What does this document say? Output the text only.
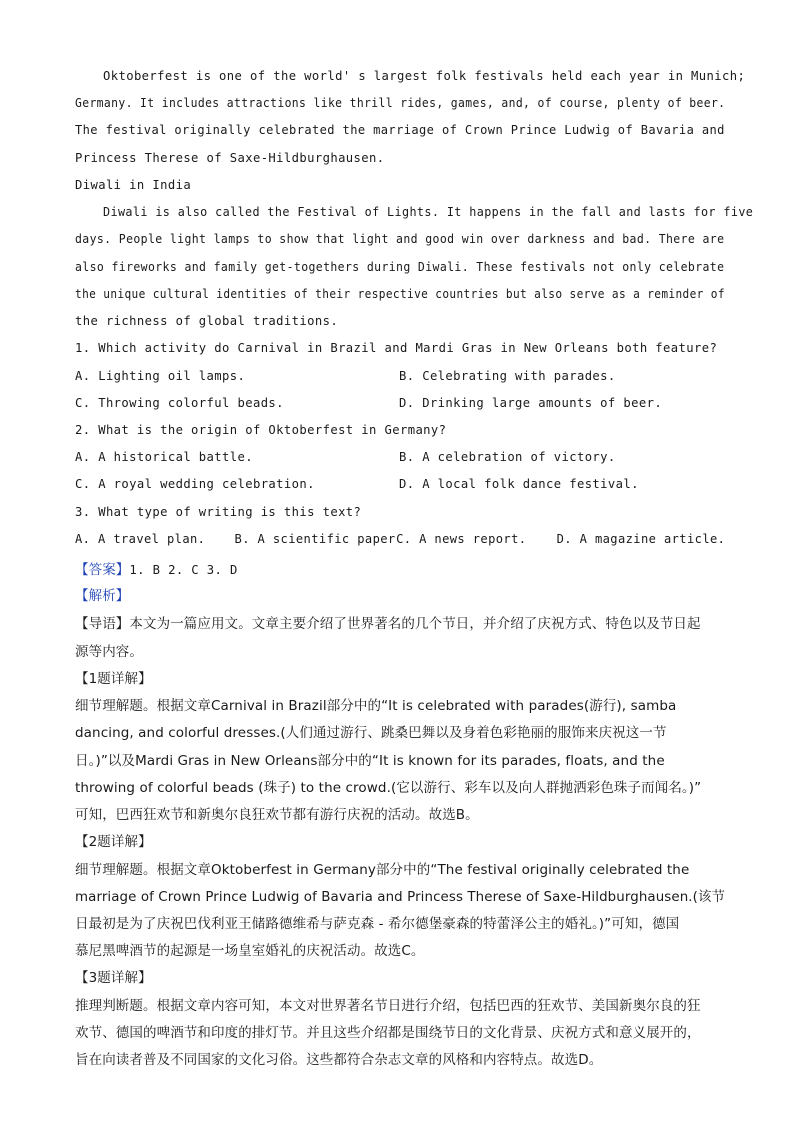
Oktoberfest is one of the world' s largest folk festivals held each year in Munich;
Germany. It includes attractions like thrill rides, games, and, of course, plenty of beer.
The festival originally celebrated the marriage of Crown Prince Ludwig of Bavaria and
Princess Therese of Saxe-Hildburghausen.
Diwali in India
Diwali is also called the Festival of Lights. It happens in the fall and lasts for five
days. People light lamps to show that light and good win over darkness and bad. There are
also fireworks and family get-togethers during Diwali. These festivals not only celebrate
the unique cultural identities of their respective countries but also serve as a reminder of
the richness of global traditions.
1. Which activity do Carnival in Brazil and Mardi Gras in New Orleans both feature?
A. Lighting oil lamps.	B. Celebrating with parades.
C. Throwing colorful beads.	D. Drinking large amounts of beer.
2. What is the origin of Oktoberfest in Germany?
A. A historical battle.	B. A celebration of victory.
C. A royal wedding celebration.	D. A local folk dance festival.
3. What type of writing is this text?
A. A travel plan. B. A scientific paper C. A news report. D. A magazine article.
【答案】1. B 2. C 3. D
【解析】
【导语】本文为一篇应用文。文章主要介绍了世界著名的几个节日，并介绍了庆祝方式、特色以及节日起
源等内容。
【1题详解】
细节理解题。根据文章Carnival in Brazil部分中的“It is celebrated with parades(游行), samba
dancing, and colorful dresses.(人们通过游行、跳桑巴舞以及身着色彩艳丽的服饰来庆祝这一节
日。)”以及Mardi Gras in New Orleans部分中的“It is known for its parades, floats, and the
throwing of colorful beads (珠子) to the crowd.(它以游行、彩车以及向人群抛洒彩色珠子而闻名。)”
可知，巴西狂欢节和新奥尔良狂欢节都有游行庆祝的活动。故选B。
【2题详解】
细节理解题。根据文章Oktoberfest in Germany部分中的“The festival originally celebrated the
marriage of Crown Prince Ludwig of Bavaria and Princess Therese of Saxe-Hildburghausen.(该节
日最初是为了庆祝巴伐利亚王储路德维希与萨克森 - 希尔德堡豪森的特蕾泽公主的婚礼。)”可知，德国
慕尼黑啤酒节的起源是一场皇室婚礼的庆祝活动。故选C。
【3题详解】
推理判断题。根据文章内容可知，本文对世界著名节日进行介绍，包括巴西的狂欢节、美国新奥尔良的狂
欢节、德国的啤酒节和印度的排灯节。并且这些介绍都是围绕节日的文化背景、庆祝方式和意义展开的，
旨在向读者普及不同国家的文化习俗。这些都符合杂志文章的风格和内容特点。故选D。
